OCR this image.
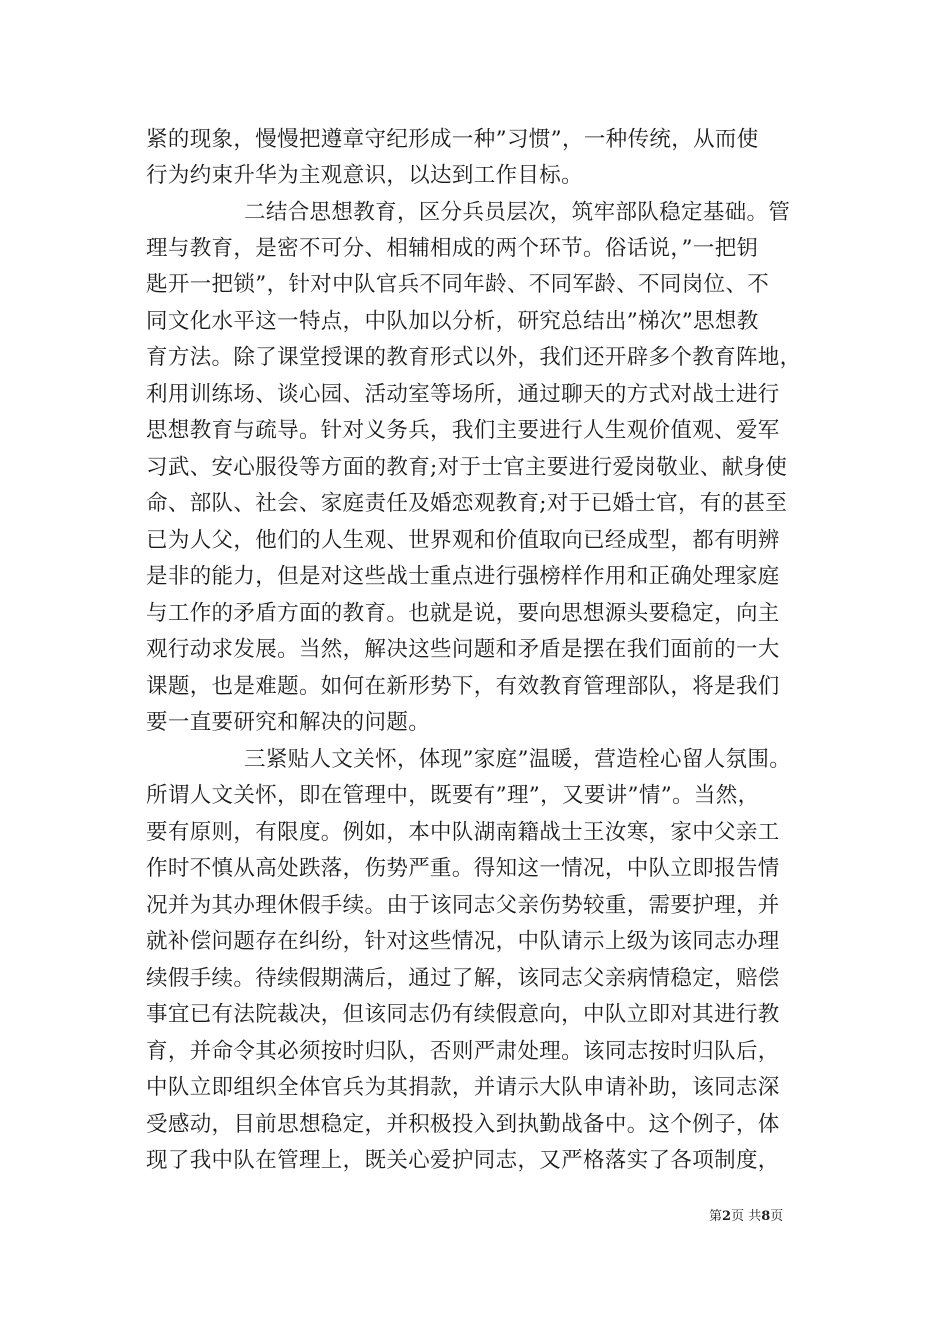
紧的现象，慢慢把遵章守纪形成一种”习惯”，一种传统，从而使
行为约束升华为主观意识，以达到工作目标。
二结合思想教育，区分兵员层次，筑牢部队稳定基础。管
理与教育，是密不可分、相辅相成的两个环节。俗话说，”一把钥
匙开一把锁”，针对中队官兵不同年龄、不同军龄、不同岗位、不
同文化水平这一特点，中队加以分析，研究总结出”梯次”思想教
育方法。除了课堂授课的教育形式以外，我们还开辟多个教育阵地，
利用训练场、谈心园、活动室等场所，通过聊天的方式对战士进行
思想教育与疏导。针对义务兵，我们主要进行人生观价值观、爱军
习武、安心服役等方面的教育;对于士官主要进行爱岗敬业、献身使
命、部队、社会、家庭责任及婚恋观教育;对于已婚士官，有的甚至
已为人父，他们的人生观、世界观和价值取向已经成型，都有明辨
是非的能力，但是对这些战士重点进行强榜样作用和正确处理家庭
与工作的矛盾方面的教育。也就是说，要向思想源头要稳定，向主
观行动求发展。当然，解决这些问题和矛盾是摆在我们面前的一大
课题，也是难题。如何在新形势下，有效教育管理部队，将是我们
要一直要研究和解决的问题。
三紧贴人文关怀，体现”家庭”温暖，营造栓心留人氛围。
所谓人文关怀，即在管理中，既要有”理”，又要讲”情”。当然，
要有原则，有限度。例如，本中队湖南籍战士王汝寒，家中父亲工
作时不慎从高处跌落，伤势严重。得知这一情况，中队立即报告情
况并为其办理休假手续。由于该同志父亲伤势较重，需要护理，并
就补偿问题存在纠纷，针对这些情况，中队请示上级为该同志办理
续假手续。待续假期满后，通过了解，该同志父亲病情稳定，赔偿
事宜已有法院裁决，但该同志仍有续假意向，中队立即对其进行教
育，并命令其必须按时归队，否则严肃处理。该同志按时归队后，
中队立即组织全体官兵为其捐款，并请示大队申请补助，该同志深
受感动，目前思想稳定，并积极投入到执勤战备中。这个例子，体
现了我中队在管理上，既关心爱护同志，又严格落实了各项制度，
第2页 共8页
